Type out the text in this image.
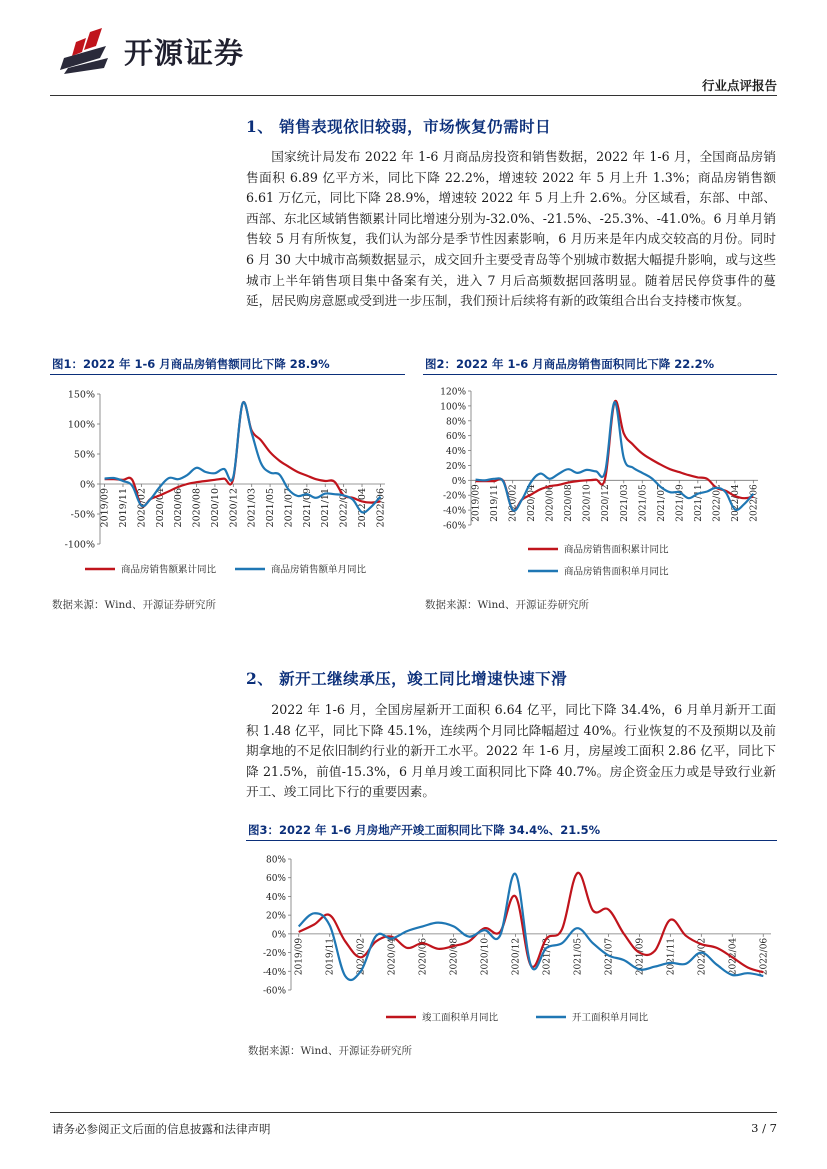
开源证券
行业点评报告
1、 销售表现依旧较弱，市场恢复仍需时日
国家统计局发布 2022 年 1-6 月商品房投资和销售数据，2022 年 1-6 月，全国商品房销售面积 6.89 亿平方米，同比下降 22.2%，增速较 2022 年 5 月上升 1.3%；商品房销售额 6.61 万亿元，同比下降 28.9%，增速较 2022 年 5 月上升 2.6%。分区域看，东部、中部、西部、东北区域销售额累计同比增速分别为-32.0%、-21.5%、-25.3%、-41.0%。6 月单月销售较 5 月有所恢复，我们认为部分是季节性因素影响，6 月历来是年内成交较高的月份。同时 6 月 30 大中城市高频数据显示，成交回升主要受青岛等个别城市数据大幅提升影响，或与这些城市上半年销售项目集中备案有关，进入 7 月后高频数据回落明显。随着居民停贷事件的蔓延，居民购房意愿或受到进一步压制，我们预计后续将有新的政策组合出台支持楼市恢复。
图1：2022 年 1-6 月商品房销售额同比下降 28.9%
150%
100%
50%
0%
-50%
-100%
2019/09 2019/11 2020/02 2020/04 2020/06 2020/08 2020/10 2020/12 2021/03 2021/05 2021/07 2021/09 2021/11 2022/02 2022/04 2022/06
商品房销售额累计同比	商品房销售额单月同比
数据来源：Wind、开源证券研究所
图2：2022 年 1-6 月商品房销售面积同比下降 22.2%
120%
100%
80%
60%
40%
20%
0%
-20%
-40%
-60%
2019/09 2019/11 2020/02 2020/04 2020/06 2020/08 2020/10 2020/12 2021/03 2021/05 2021/07 2021/09 2021/11 2022/02 2022/04 2022/06
商品房销售面积累计同比
商品房销售面积单月同比
数据来源：Wind、开源证券研究所
2、 新开工继续承压，竣工同比增速快速下滑
2022 年 1-6 月，全国房屋新开工面积 6.64 亿平，同比下降 34.4%，6 月单月新开工面积 1.48 亿平，同比下降 45.1%，连续两个月同比降幅超过 40%。行业恢复的不及预期以及前期拿地的不足依旧制约行业的新开工水平。2022 年 1-6 月，房屋竣工面积 2.86 亿平，同比下降 21.5%，前值-15.3%，6 月单月竣工面积同比下降 40.7%。房企资金压力或是导致行业新开工、竣工同比下行的重要因素。
图3：2022 年 1-6 月房地产开竣工面积同比下降 34.4%、21.5%
80%
60%
40%
20%
0%
-20%
-40%
-60%
2019/09 2019/11 2020/02 2020/04 2020/06 2020/08 2020/10 2020/12 2021/03 2021/05 2021/07 2021/09 2021/11 2022/02 2022/04 2022/06
竣工面积单月同比	开工面积单月同比
数据来源：Wind、开源证券研究所
请务必参阅正文后面的信息披露和法律声明	3 / 7
